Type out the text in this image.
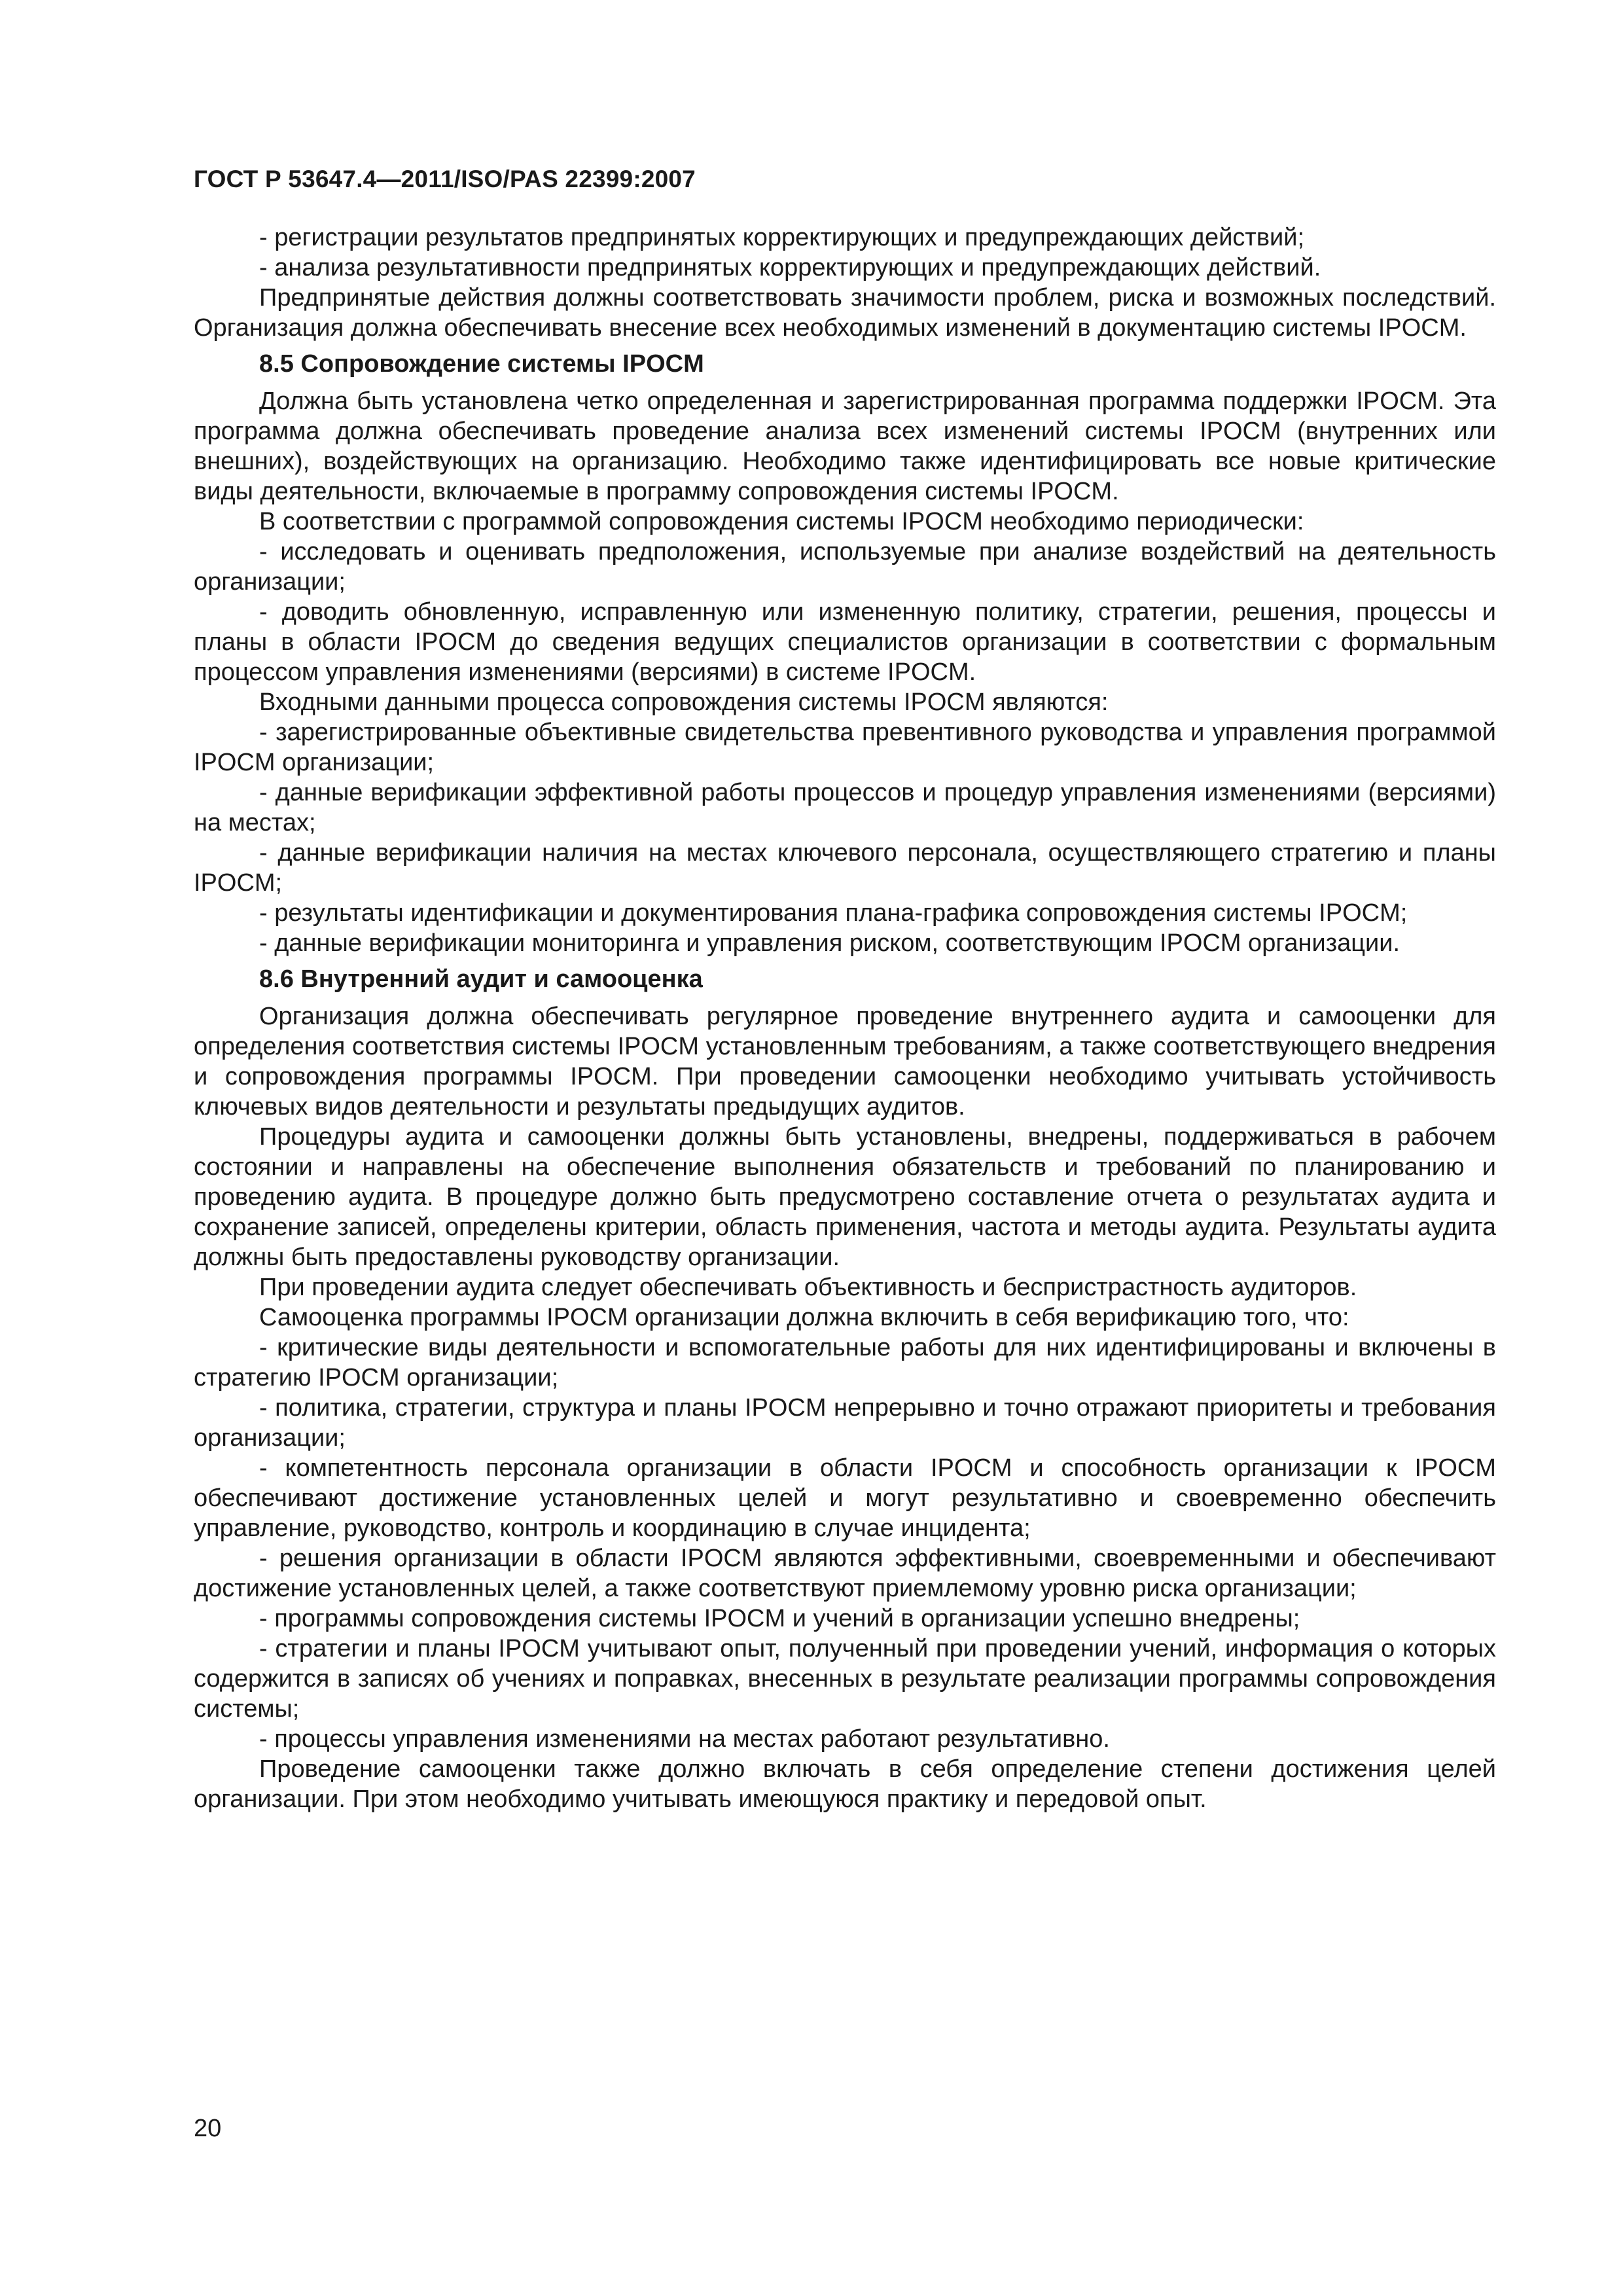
ГОСТ Р 53647.4—2011/ISO/PAS 22399:2007

- регистрации результатов предпринятых корректирующих и предупреждающих действий;

- анализа результативности предпринятых корректирующих и предупреждающих действий.

Предпринятые действия должны соответствовать значимости проблем, риска и возможных последствий. Организация должна обеспечивать внесение всех необходимых изменений в документацию системы IPOCM.

8.5 Сопровождение системы IPOCM

Должна быть установлена четко определенная и зарегистрированная программа поддержки IPOCM. Эта программа должна обеспечивать проведение анализа всех изменений системы IPOCM (внутренних или внешних), воздействующих на организацию. Необходимо также идентифицировать все новые критические виды деятельности, включаемые в программу сопровождения системы IPOCM.

В соответствии с программой сопровождения системы IPOCM необходимо периодически:

- исследовать и оценивать предположения, используемые при анализе воздействий на деятельность организации;

- доводить обновленную, исправленную или измененную политику, стратегии, решения, процессы и планы в области IPOCM до сведения ведущих специалистов организации в соответствии с формальным процессом управления изменениями (версиями) в системе IPOCM.

Входными данными процесса сопровождения системы IPOCM являются:

- зарегистрированные объективные свидетельства превентивного руководства и управления программой IPOCM организации;

- данные верификации эффективной работы процессов и процедур управления изменениями (версиями) на местах;

- данные верификации наличия на местах ключевого персонала, осуществляющего стратегию и планы IPOCM;

- результаты идентификации и документирования плана-графика сопровождения системы IPOCM;

- данные верификации мониторинга и управления риском, соответствующим IPOCM организации.

8.6 Внутренний аудит и самооценка

Организация должна обеспечивать регулярное проведение внутреннего аудита и самооценки для определения соответствия системы IPOCM установленным требованиям, а также соответствующего внедрения и сопровождения программы IPOCM. При проведении самооценки необходимо учитывать устойчивость ключевых видов деятельности и результаты предыдущих аудитов.

Процедуры аудита и самооценки должны быть установлены, внедрены, поддерживаться в рабочем состоянии и направлены на обеспечение выполнения обязательств и требований по планированию и проведению аудита. В процедуре должно быть предусмотрено составление отчета о результатах аудита и сохранение записей, определены критерии, область применения, частота и методы аудита. Результаты аудита должны быть предоставлены руководству организации.

При проведении аудита следует обеспечивать объективность и беспристрастность аудиторов.

Самооценка программы IPOCM организации должна включить в себя верификацию того, что:

- критические виды деятельности и вспомогательные работы для них идентифицированы и включены в стратегию IPOCM организации;

- политика, стратегии, структура и планы IPOCM непрерывно и точно отражают приоритеты и требования организации;

- компетентность персонала организации в области IPOCM и способность организации к IPOCM обеспечивают достижение установленных целей и могут результативно и своевременно обеспечить управление, руководство, контроль и координацию в случае инцидента;

- решения организации в области IPOCM являются эффективными, своевременными и обеспечивают достижение установленных целей, а также соответствуют приемлемому уровню риска организации;

- программы сопровождения системы IPOCM и учений в организации успешно внедрены;

- стратегии и планы IPOCM учитывают опыт, полученный при проведении учений, информация о которых содержится в записях об учениях и поправках, внесенных в результате реализации программы сопровождения системы;

- процессы управления изменениями на местах работают результативно.

Проведение самооценки также должно включать в себя определение степени достижения целей организации. При этом необходимо учитывать имеющуюся практику и передовой опыт.

20
